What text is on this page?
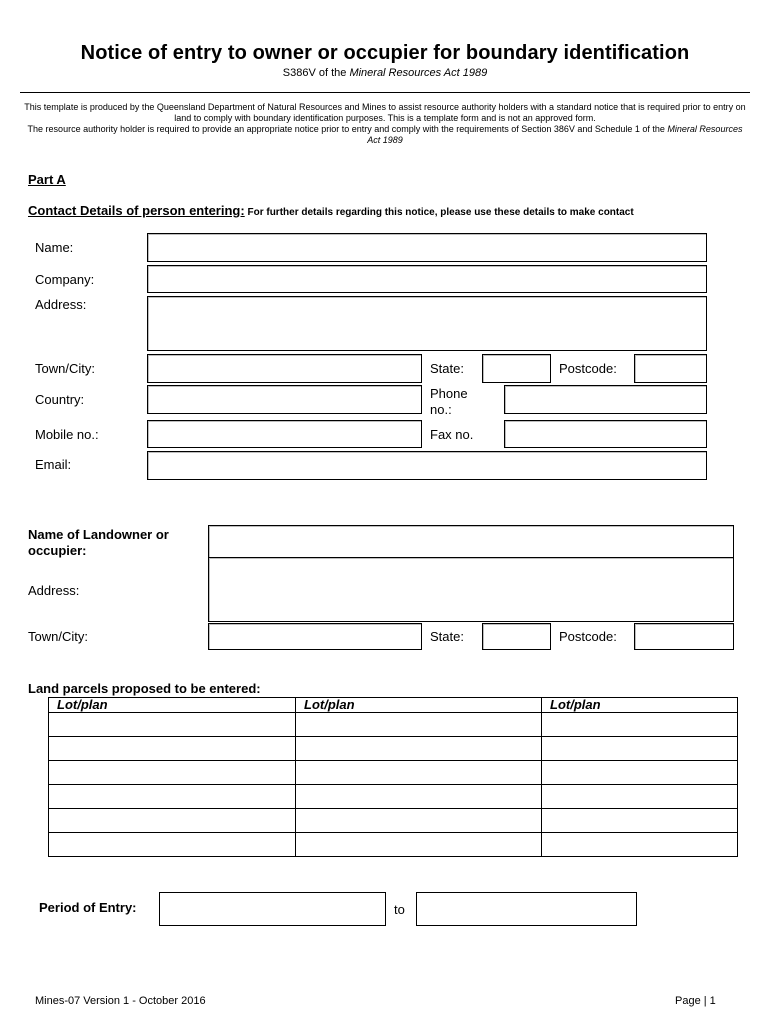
Notice of entry to owner or occupier for boundary identification
S386V of the Mineral Resources Act 1989

This template is produced by the Queensland Department of Natural Resources and Mines to assist resource authority holders with a standard notice that is required prior to entry on land to comply with boundary identification purposes. This is a template form and is not an approved form.

The resource authority holder is required to provide an appropriate notice prior to entry and comply with the requirements of Section 386V and Schedule 1 of the Mineral Resources Act 1989

Part A
Contact Details of person entering: For further details regarding this notice, please use these details to make contact
Name:
Company:
Address:
Town/City:	State:	Postcode:
Country:	Phone
no.:
Mobile no.:	Fax no.
Email:
Name of Landowner or
occupier:
Address:
Town/City:	State:	Postcode:
Land parcels proposed to be entered:
Lot/plan	Lot/plan	Lot/plan

Period of Entry:	to
Mines-07 Version 1 - October 2016	Page | 1
